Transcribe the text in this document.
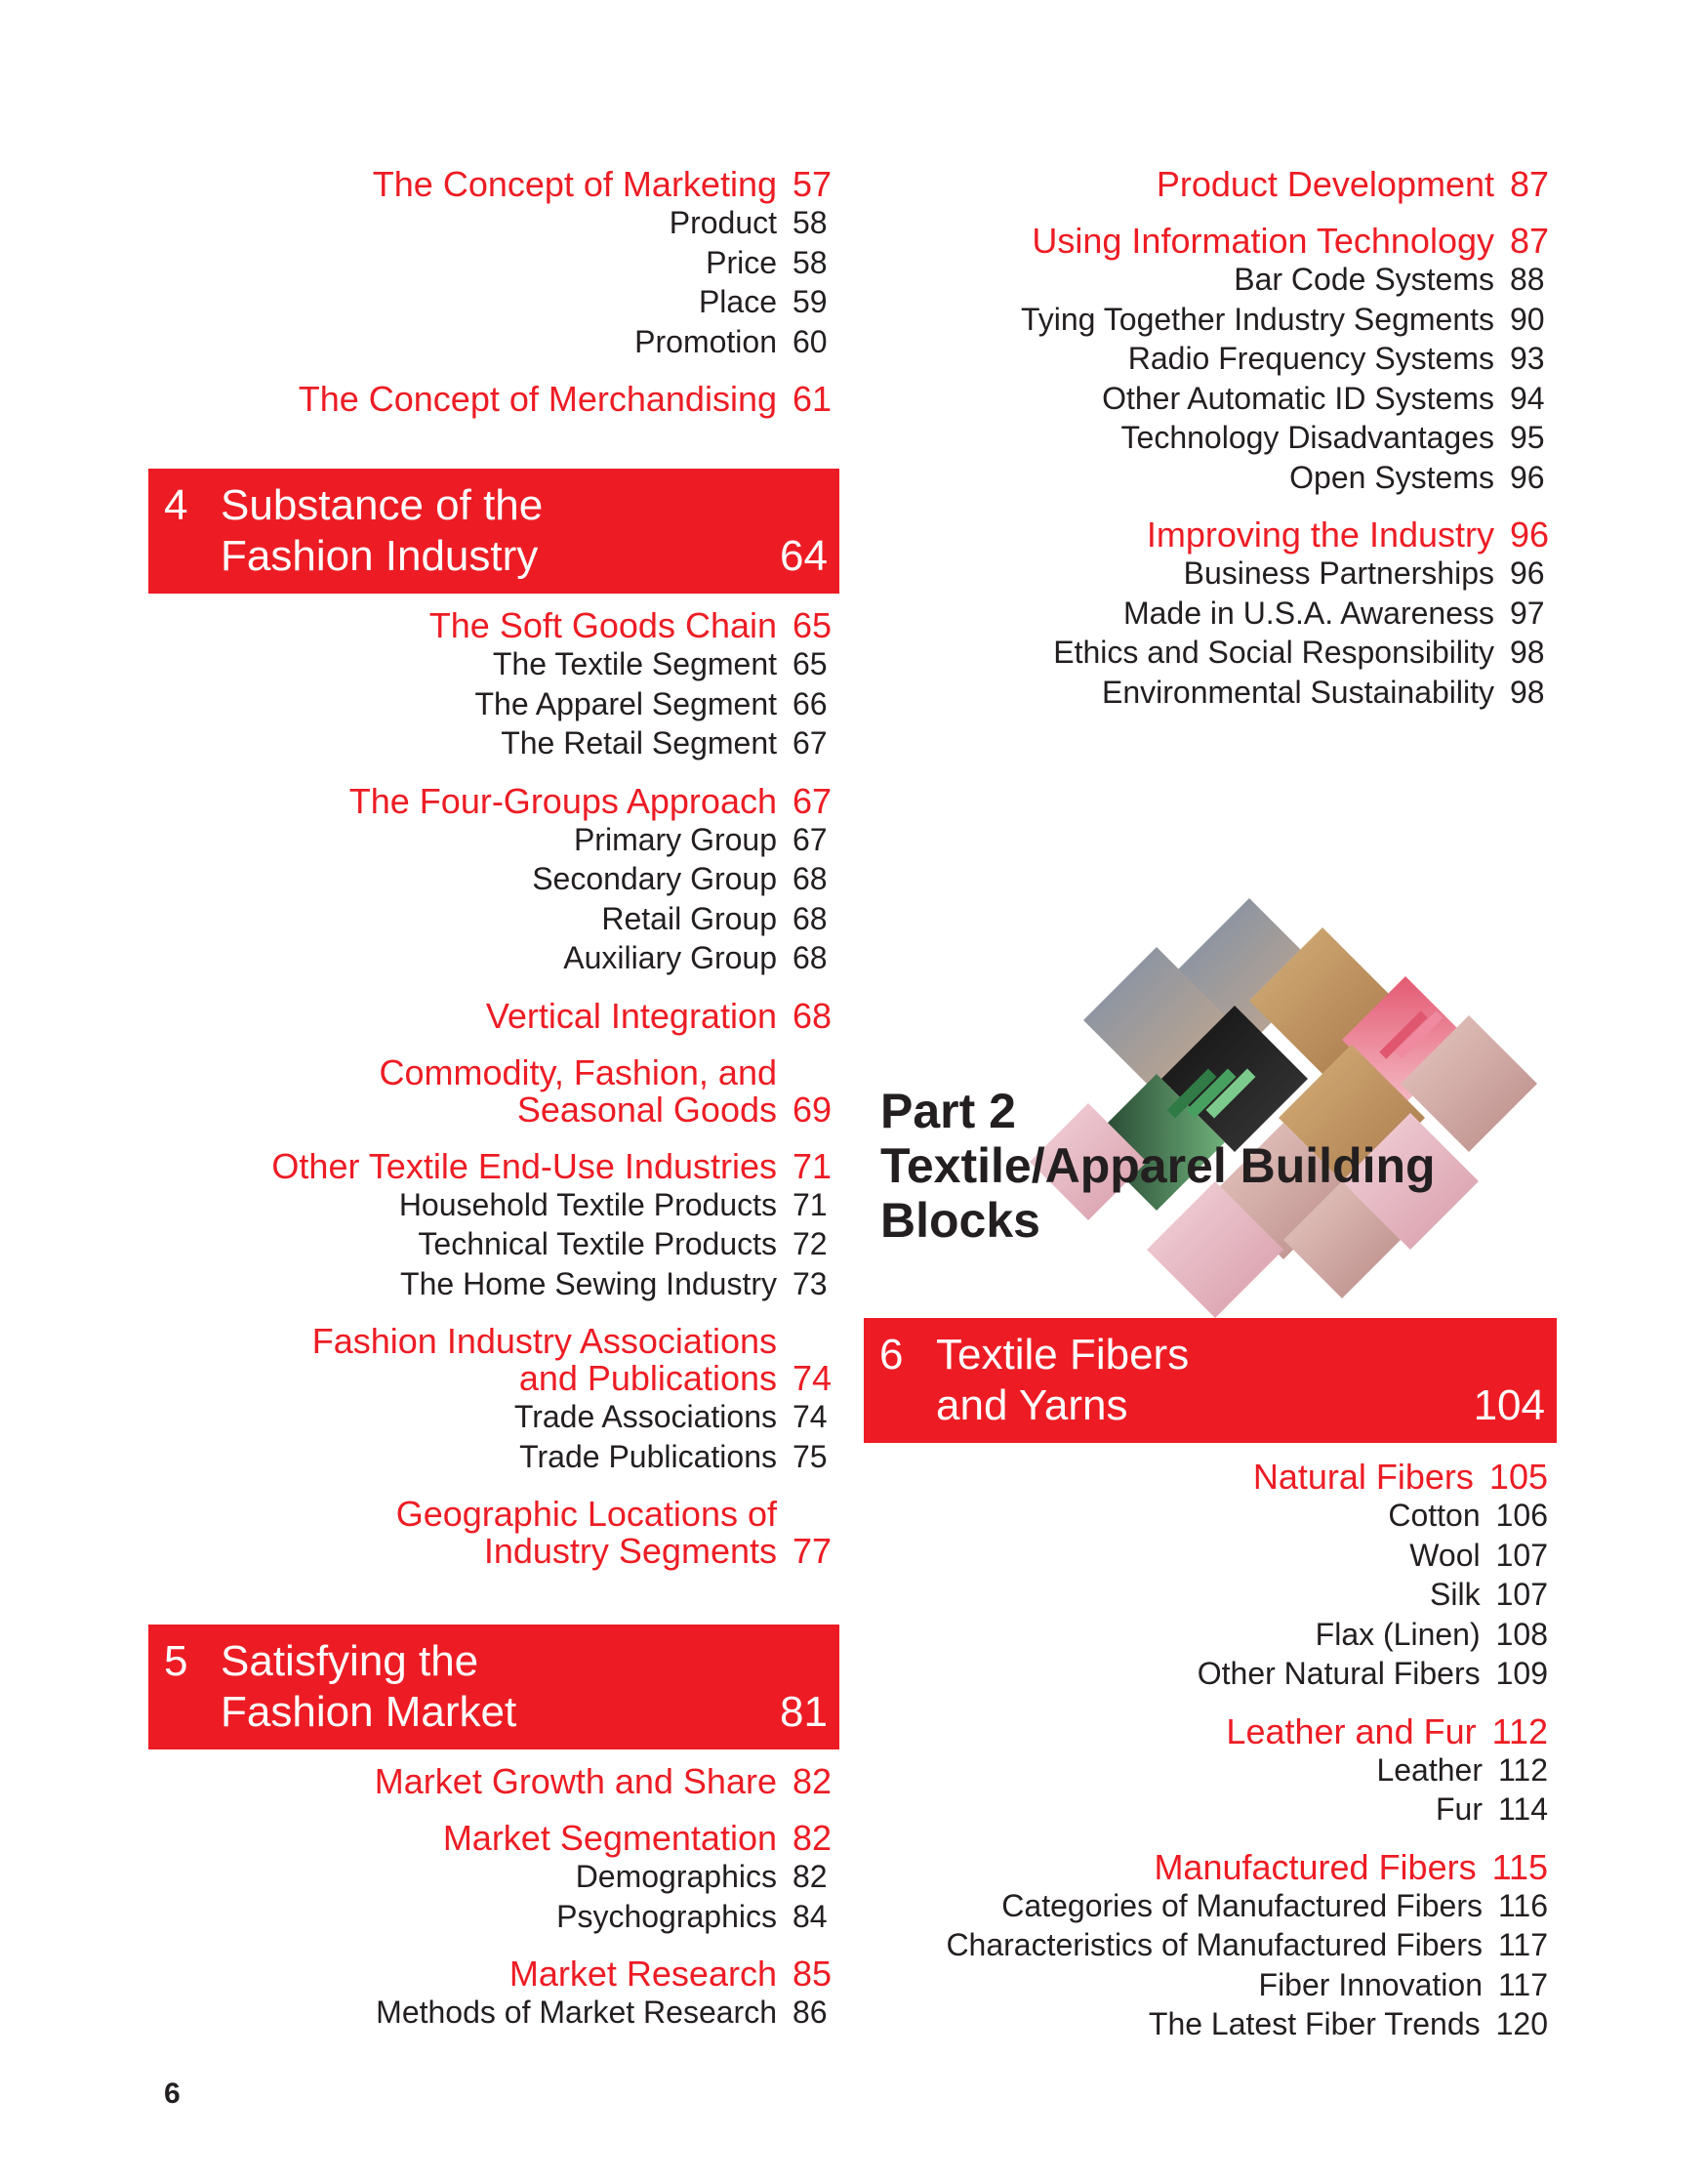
The Concept of Marketing 57
Product 58
Price 58
Place 59
Promotion 60
The Concept of Merchandising 61
4 Substance of the
Fashion Industry	64
The Soft Goods Chain 65
The Textile Segment 65
The Apparel Segment 66
The Retail Segment 67
The Four-Groups Approach 67
Primary Group 67
Secondary Group 68
Retail Group 68
Auxiliary Group 68
Vertical Integration 68
Commodity, Fashion, and
Seasonal Goods 69
Other Textile End-Use Industries 71
Household Textile Products 71
Technical Textile Products 72
The Home Sewing Industry 73
Fashion Industry Associations
and Publications 74
Trade Associations 74
Trade Publications 75
Geographic Locations of
Industry Segments 77
5 Satisfying the
Fashion Market	81
Market Growth and Share 82
Market Segmentation 82
Demographics 82
Psychographics 84
Market Research 85
Methods of Market Research 86
Product Development 87
Using Information Technology 87
Bar Code Systems 88
Tying Together Industry Segments 90
Radio Frequency Systems 93
Other Automatic ID Systems 94
Technology Disadvantages 95
Open Systems 96
Improving the Industry 96
Business Partnerships 96
Made in U.S.A. Awareness 97
Ethics and Social Responsibility 98
Environmental Sustainability 98
Part 2
Textile/Apparel Building
Blocks
6 Textile Fibers
and Yarns	104
Natural Fibers 105
Cotton 106
Wool 107
Silk 107
Flax (Linen) 108
Other Natural Fibers 109
Leather and Fur 112
Leather 112
Fur 114
Manufactured Fibers 115
Categories of Manufactured Fibers 116
Characteristics of Manufactured Fibers 117
Fiber Innovation 117
The Latest Fiber Trends 120
6
